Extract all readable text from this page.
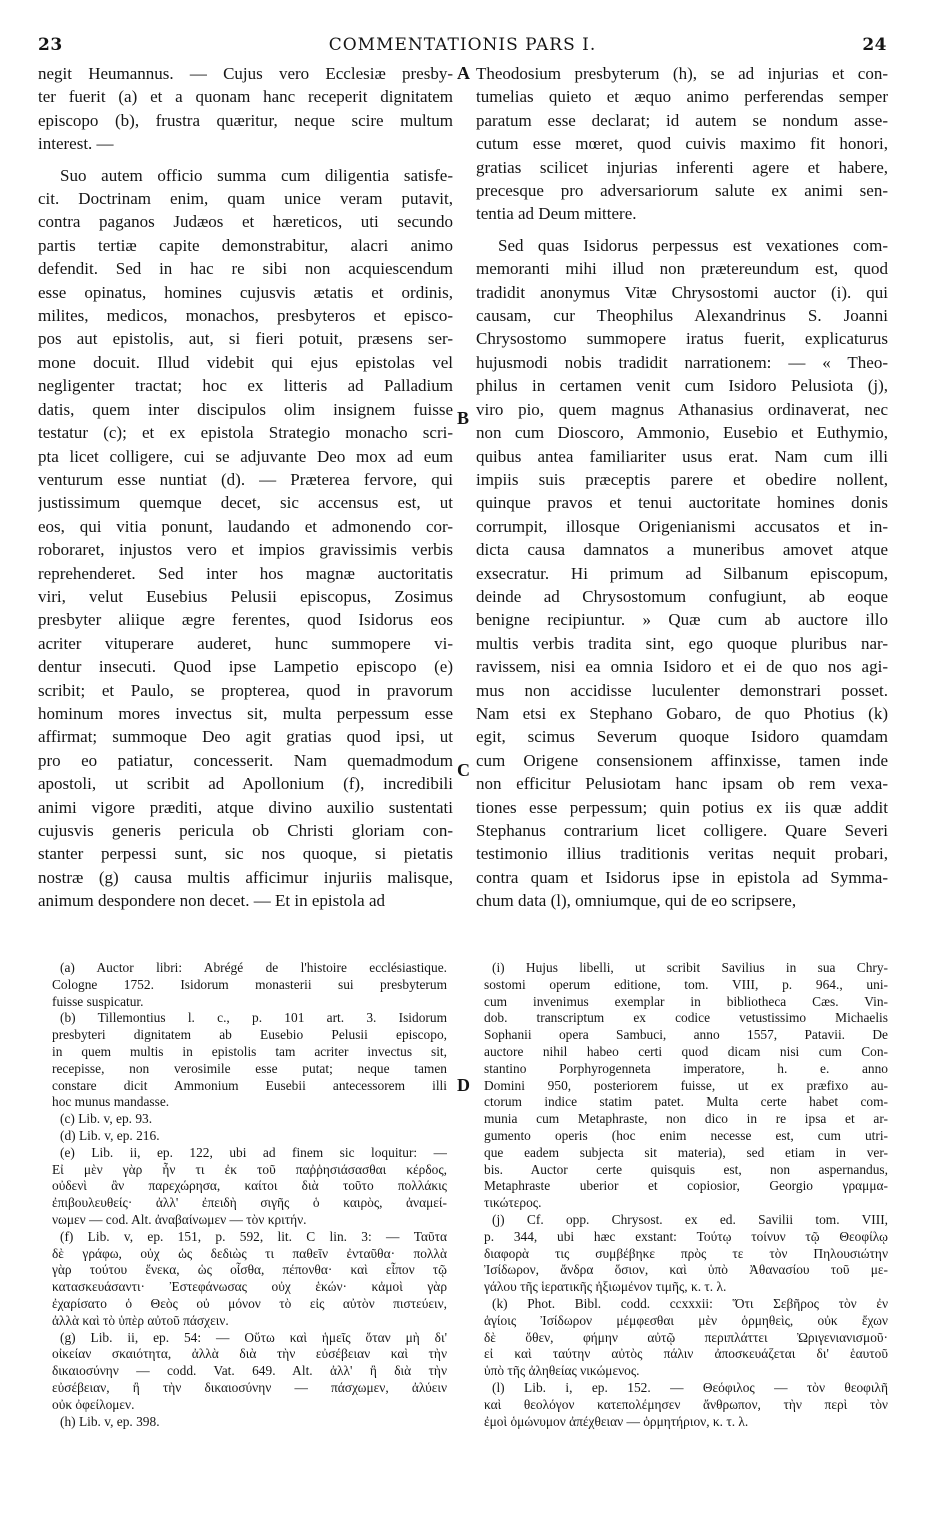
23	COMMENTATIONIS PARS I.	24
A
B
C
D
negit Heumannus. — Cujus vero Ecclesiæ presby-
ter fuerit (a) et a quonam hanc receperit dignitatem
episcopo (b), frustra quæritur, neque scire multum
interest. —
Suo autem officio summa cum diligentia satisfe-
cit. Doctrinam enim, quam unice veram putavit,
contra paganos Judæos et hæreticos, uti secundo
partis tertiæ capite demonstrabitur, alacri animo
defendit. Sed in hac re sibi non acquiescendum
esse opinatus, homines cujusvis ætatis et ordinis,
milites, medicos, monachos, presbyteros et episco-
pos aut epistolis, aut, si fieri potuit, præsens ser-
mone docuit. Illud videbit qui ejus epistolas vel
negligenter tractat; hoc ex litteris ad Palladium
datis, quem inter discipulos olim insignem fuisse
testatur (c); et ex epistola Strategio monacho scri-
pta licet colligere, cui se adjuvante Deo mox ad eum
venturum esse nuntiat (d). — Præterea fervore, qui
justissimum quemque decet, sic accensus est, ut
eos, qui vitia ponunt, laudando et admonendo cor-
roboraret, injustos vero et impios gravissimis verbis
reprehenderet. Sed inter hos magnæ auctoritatis
viri, velut Eusebius Pelusii episcopus, Zosimus
presbyter aliique ægre ferentes, quod Isidorus eos
acriter vituperare auderet, hunc summopere vi-
dentur insecuti. Quod ipse Lampetio episcopo (e)
scribit; et Paulo, se propterea, quod in pravorum
hominum mores invectus sit, multa perpessum esse
affirmat; summoque Deo agit gratias quod ipsi, ut
pro eo patiatur, concesserit. Nam quemadmodum
apostoli, ut scribit ad Apollonium (f), incredibili
animi vigore præditi, atque divino auxilio sustentati
cujusvis generis pericula ob Christi gloriam con-
stanter perpessi sunt, sic nos quoque, si pietatis
nostræ (g) causa multis afficimur injuriis malisque,
animum despondere non decet. — Et in epistola ad
Theodosium presbyterum (h), se ad injurias et con-
tumelias quieto et æquo animo perferendas semper
paratum esse declarat; id autem se nondum asse-
cutum esse mœret, quod cuivis maximo fit honori,
gratias scilicet injurias inferenti agere et habere,
precesque pro adversariorum salute ex animi sen-
tentia ad Deum mittere.
Sed quas Isidorus perpessus est vexationes com-
memoranti mihi illud non prætereundum est, quod
tradidit anonymus Vitæ Chrysostomi auctor (i). qui
causam, cur Theophilus Alexandrinus S. Joanni
Chrysostomo summopere iratus fuerit, explicaturus
hujusmodi nobis tradidit narrationem: — « Theo-
philus in certamen venit cum Isidoro Pelusiota (j),
viro pio, quem magnus Athanasius ordinaverat, nec
non cum Dioscoro, Ammonio, Eusebio et Euthymio,
quibus antea familiariter usus erat. Nam cum illi
impiis suis præceptis parere et obedire nollent,
quinque pravos et tenui auctoritate homines donis
corrumpit, illosque Origenianismi accusatos et in-
dicta causa damnatos a muneribus amovet atque
exsecratur. Hi primum ad Silbanum episcopum,
deinde ad Chrysostomum confugiunt, ab eoque
benigne recipiuntur. » Quæ cum ab auctore illo
multis verbis tradita sint, ego quoque pluribus nar-
ravissem, nisi ea omnia Isidoro et ei de quo nos agi-
mus non accidisse luculenter demonstrari posset.
Nam etsi ex Stephano Gobaro, de quo Photius (k)
egit, scimus Severum quoque Isidoro quamdam
cum Origene consensionem affinxisse, tamen inde
non efficitur Pelusiotam hanc ipsam ob rem vexa-
tiones esse perpessum; quin potius ex iis quæ addit
Stephanus contrarium licet colligere. Quare Severi
testimonio illius traditionis veritas nequit probari,
contra quam et Isidorus ipse in epistola ad Symma-
chum data (l), omniumque, qui de eo scripsere,
(a) Auctor libri: Abrégé de l'histoire ecclésiastique.
Cologne 1752. Isidorum monasterii sui presbyterum
fuisse suspicatur.
(b) Tillemontius l. c., p. 101 art. 3. Isidorum
presbyteri dignitatem ab Eusebio Pelusii episcopo,
in quem multis in epistolis tam acriter invectus sit,
recepisse, non verosimile esse putat; neque tamen
constare dicit Ammonium Eusebii antecessorem illi
hoc munus mandasse.
(c) Lib. v, ep. 93.
(d) Lib. v, ep. 216.
(e) Lib. ii, ep. 122, ubi ad finem sic loquitur: —
Εἰ μὲν γὰρ ἦν τι ἐκ τοῦ παῤῥησιάσασθαι κέρδος,
οὐδενὶ ἂν παρεχώρησα, καίτοι διὰ τοῦτο πολλάκις
ἐπιβουλευθείς· ἀλλ' ἐπειδὴ σιγῆς ὁ καιρὸς, ἀναμεί-
νωμεν — cod. Alt. ἀναβαίνωμεν — τὸν κριτήν.
(f) Lib. v, ep. 151, p. 592, lit. C lin. 3: — Ταῦτα
δὲ γράφω, οὐχ ὡς δεδιὼς τι παθεῖν ἐνταῦθα· πολλὰ
γὰρ τούτου ἕνεκα, ὡς οἶσθα, πέπονθα· καὶ εἶπον τῷ
κατασκευάσαντι· Ἐστεφάνωσας οὐχ ἑκών· κἀμοὶ γὰρ
ἐχαρίσατο ὁ Θεὸς οὐ μόνον τὸ εἰς αὐτὸν πιστεύειν,
ἀλλὰ καὶ τὸ ὑπὲρ αὐτοῦ πάσχειν.
(g) Lib. ii, ep. 54: — Οὕτω καὶ ἡμεῖς ὅταν μὴ δι'
οἰκείαν σκαιότητα, ἀλλὰ διὰ τὴν εὐσέβειαν καὶ τὴν
δικαιοσύνην — codd. Vat. 649. Alt. ἀλλ' ἢ διὰ τὴν
εὐσέβειαν, ἢ τὴν δικαιοσύνην — πάσχωμεν, ἀλύειν
οὐκ ὀφείλομεν.
(h) Lib. v, ep. 398.
(i) Hujus libelli, ut scribit Savilius in sua Chry-
sostomi operum editione, tom. VIII, p. 964., uni-
cum invenimus exemplar in bibliotheca Cæs. Vin-
dob. transcriptum ex codice vetustissimo Michaelis
Sophanii opera Sambuci, anno 1557, Patavii. De
auctore nihil habeo certi quod dicam nisi cum Con-
stantino Porphyrogenneta imperatore, h. e. anno
Domini 950, posteriorem fuisse, ut ex præfixo au-
ctorum indice statim patet. Multa certe habet com-
munia cum Metaphraste, non dico in re ipsa et ar-
gumento operis (hoc enim necesse est, cum utri-
que eadem subjecta sit materia), sed etiam in ver-
bis. Auctor certe quisquis est, non aspernandus,
Metaphraste uberior et copiosior, Georgio γραμμα-
τικώτερος.
(j) Cf. opp. Chrysost. ex ed. Savilii tom. VIII,
p. 344, ubi hæc exstant: Τούτῳ τοίνυν τῷ Θεοφίλῳ
διαφορὰ τις συμβέβηκε πρὸς τε τὸν Πηλουσιώτην
Ἰσίδωρον, ἄνδρα ὅσιον, καὶ ὑπὸ Ἀθανασίου τοῦ με-
γάλου τῆς ἱερατικῆς ἠξιωμένον τιμῆς, κ. τ. λ.
(k) Phot. Bibl. codd. ccxxxii: Ὅτι Σεβῆρος τὸν ἐν
ἁγίοις Ἰσίδωρον μέμφεσθαι μὲν ὁρμηθεὶς, οὐκ ἔχων
δὲ ὅθεν, φήμην αὐτῷ περιπλάττει Ὠριγενιανισμοῦ·
εἰ καὶ ταύτην αὐτὸς πάλιν ἀποσκευάζεται δι' ἑαυτοῦ
ὑπὸ τῆς ἀληθείας νικώμενος.
(l) Lib. i, ep. 152. — Θεόφιλος — τὸν θεοφιλῆ
καὶ θεολόγον κατεπολέμησεν ἄνθρωπον, τὴν περὶ τὸν
ἐμοὶ ὁμώνυμον ἀπέχθειαν — ὁρμητήριον, κ. τ. λ.
